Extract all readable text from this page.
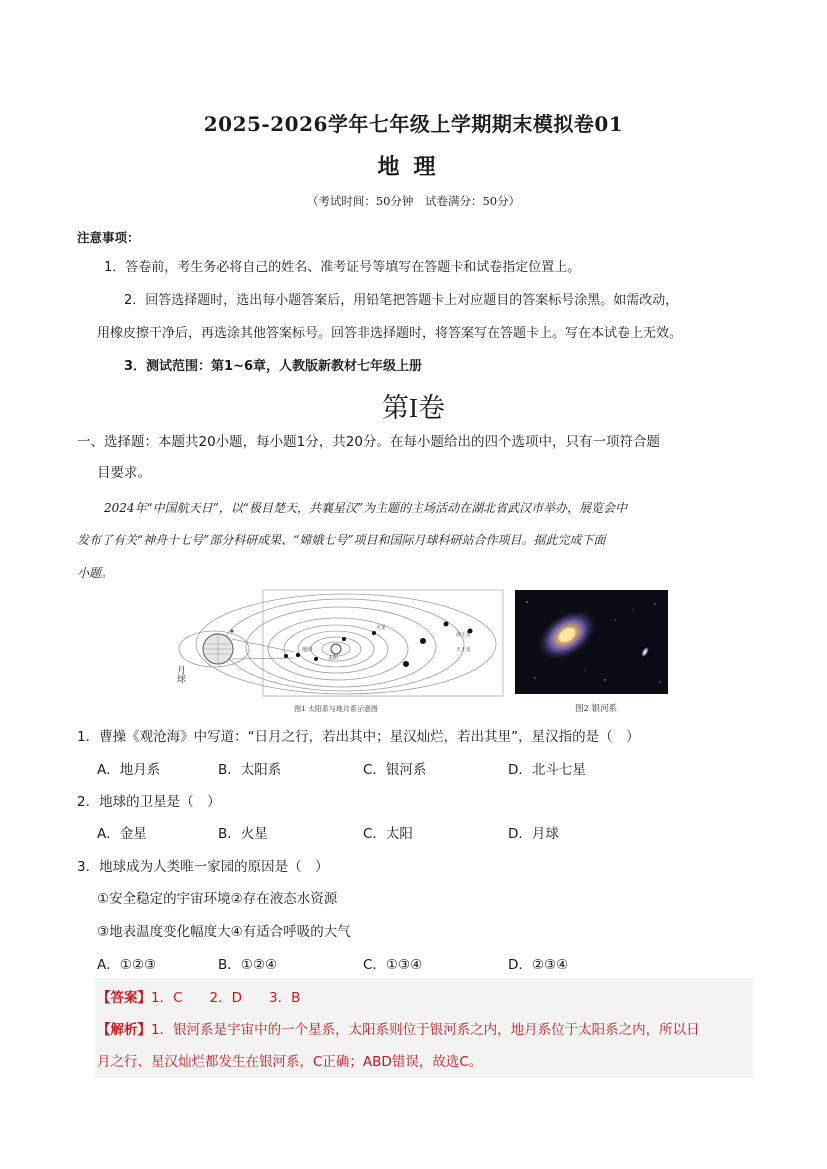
2025-2026学年七年级上学期期末模拟卷01
地理
（考试时间：50分钟　试卷满分：50分）
注意事项：
1．答卷前，考生务必将自己的姓名、准考证号等填写在答题卡和试卷指定位置上。
2．回答选择题时，选出每小题答案后，用铅笔把答题卡上对应题目的答案标号涂黑。如需改动，
用橡皮擦干净后，再选涂其他答案标号。回答非选择题时，将答案写在答题卡上。写在本试卷上无效。
3．测试范围：第1~6章，人教版新教材七年级上册
第I卷
一、选择题：本题共20小题，每小题1分，共20分。在每小题给出的四个选项中，只有一项符合题
目要求。
2024年“中国航天日”，以“极目楚天，共襄星汉”为主题的主场活动在湖北省武汉市举办，展览会中
发布了有关“神舟十七号”部分科研成果、“嫦娥七号”项目和国际月球科研站合作项目。据此完成下面
小题。
太阳
地球
火星
海王星
天王星
月球
图1 太阳系与地月系示意图	图2 银河系
1．曹操《观沧海》中写道：“日月之行，若出其中；星汉灿烂，若出其里”，星汉指的是（　）
A．地月系	B．太阳系	C．银河系	D．北斗七星
2．地球的卫星是（　）
A．金星	B．火星	C．太阳	D．月球
3．地球成为人类唯一家园的原因是（　）
①安全稳定的宇宙环境②存在液态水资源
③地表温度变化幅度大④有适合呼吸的大气
A．①②③	B．①②④	C．①③④	D．②③④
【答案】1．C　　2．D　　3．B
【解析】1．银河系是宇宙中的一个星系，太阳系则位于银河系之内，地月系位于太阳系之内，所以日
月之行、星汉灿烂都发生在银河系，C正确；ABD错误，故选C。
